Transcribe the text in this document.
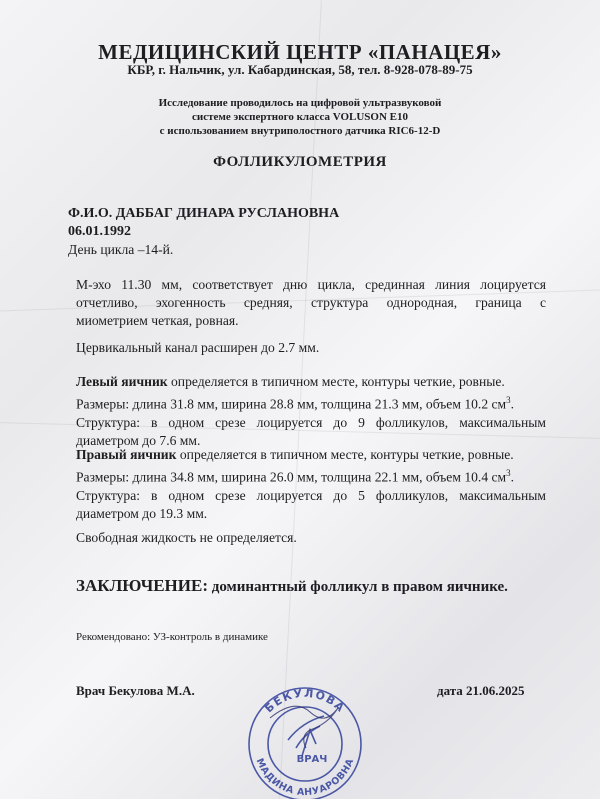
МЕДИЦИНСКИЙ ЦЕНТР «ПАНАЦЕЯ»
КБР, г. Нальчик, ул. Кабардинская, 58, тел. 8-928-078-89-75
Исследование проводилось на цифровой ультразвуковой
системе экспертного класса VOLUSON E10
с использованием внутриполостного датчика RIC6-12-D
ФОЛЛИКУЛОМЕТРИЯ
Ф.И.О. ДАББАГ ДИНАРА РУСЛАНОВНА
06.01.1992
День цикла –14-й.
М-эхо 11.30 мм, соответствует дню цикла, срединная линия лоцируется
отчетливо, эхогенность средняя, структура однородная, граница с
миометрием четкая, ровная.
Цервикальный канал расширен до 2.7 мм.
Левый яичник определяется в типичном месте, контуры четкие, ровные.
Размеры: длина 31.8 мм, ширина 28.8 мм, толщина 21.3 мм, объем 10.2 $см^3$.
Структура: в одном срезе лоцируется до 9 фолликулов, максимальным
диаметром до 7.6 мм.
Правый яичник определяется в типичном месте, контуры четкие, ровные.
Размеры: длина 34.8 мм, ширина 26.0 мм, толщина 22.1 мм, объем 10.4 $см^3$.
Структура: в одном срезе лоцируется до 5 фолликулов, максимальным
диаметром до 19.3 мм.
Свободная жидкость не определяется.
ЗАКЛЮЧЕНИЕ: доминантный фолликул в правом яичнике.
Рекомендовано: УЗ-контроль в динамике
Врач Бекулова М.А.	дата 21.06.2025
БЕКУЛОВА
МАДИНА АНУАРОВНА
ВРАЧ
